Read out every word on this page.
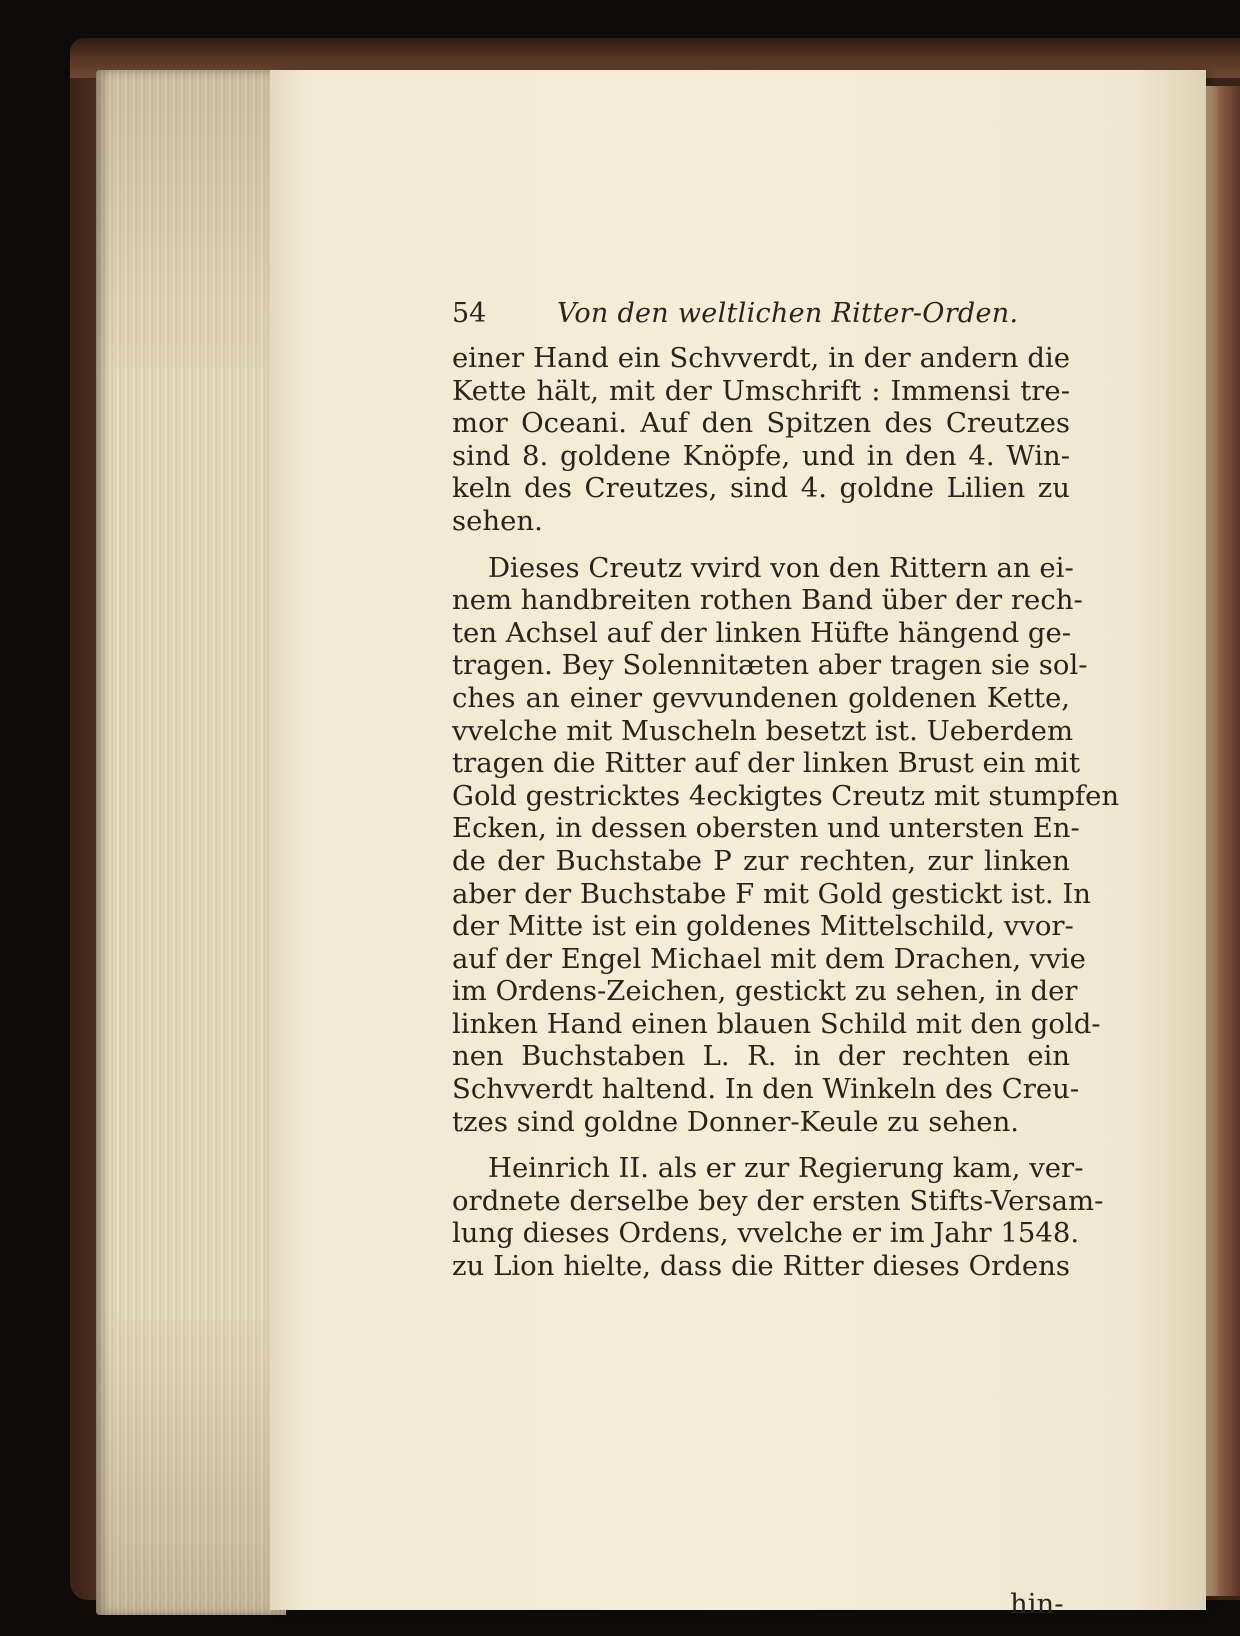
54	Von den weltlichen Ritter-Orden.
einer Hand ein Schvverdt, in der andern die
Kette hält, mit der Umschrift : Immensi tre-
mor Oceani. Auf den Spitzen des Creutzes
sind 8. goldene Knöpfe, und in den 4. Win-
keln des Creutzes, sind 4. goldne Lilien zu
sehen.
Dieses Creutz vvird von den Rittern an ei-
nem handbreiten rothen Band über der rech-
ten Achsel auf der linken Hüfte hängend ge-
tragen. Bey Solennitæten aber tragen sie sol-
ches an einer gevvundenen goldenen Kette,
vvelche mit Muscheln besetzt ist. Ueberdem
tragen die Ritter auf der linken Brust ein mit
Gold gestricktes 4eckigtes Creutz mit stumpfen
Ecken, in dessen obersten und untersten En-
de der Buchstabe P zur rechten, zur linken
aber der Buchstabe F mit Gold gestickt ist. In
der Mitte ist ein goldenes Mittelschild, vvor-
auf der Engel Michael mit dem Drachen, vvie
im Ordens-Zeichen, gestickt zu sehen, in der
linken Hand einen blauen Schild mit den gold-
nen Buchstaben L. R. in der rechten ein
Schvverdt haltend. In den Winkeln des Creu-
tzes sind goldne Donner-Keule zu sehen.
Heinrich II. als er zur Regierung kam, ver-
ordnete derselbe bey der ersten Stifts-Versam-
lung dieses Ordens, vvelche er im Jahr 1548.
zu Lion hielte, dass die Ritter dieses Ordens
hin-
